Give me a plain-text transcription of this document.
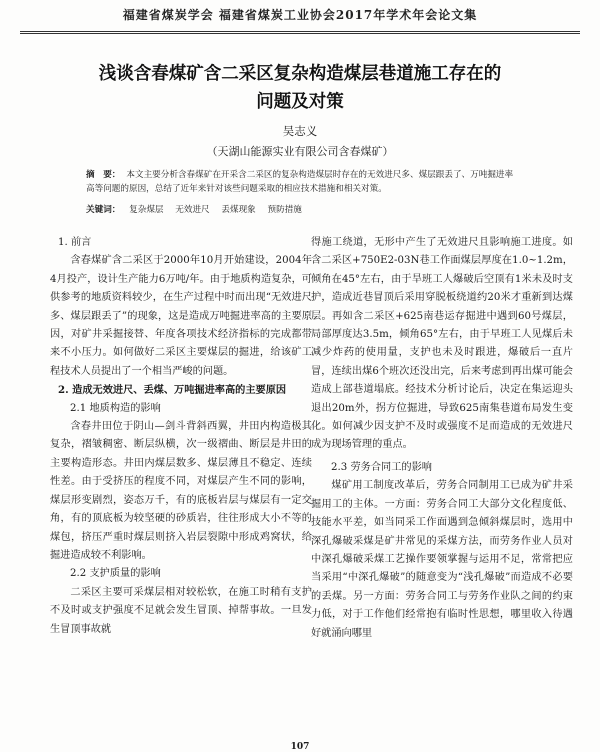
福建省煤炭学会 福建省煤炭工业协会2017年学术年会论文集
浅谈含春煤矿含二采区复杂构造煤层巷道施工存在的
问题及对策
吴志义
（天湖山能源实业有限公司含春煤矿）
摘　要： 本文主要分析含春煤矿在开采含二采区的复杂构造煤层时存在的无效进尺多、煤层跟丢了、万吨掘进率高等问题的原因，总结了近年来针对该些问题采取的相应技术措施和相关对策。
关键词： 复杂煤层 无效进尺 丢煤现象 预防措施
1. 前言

含春煤矿含二采区于2000年10月开始建设，2004年4月投产，设计生产能力6万吨/年。由于地质构造复杂，可供参考的地质资料较少，在生产过程中时而出现“无效进尺多、煤层跟丢了”的现象，这是造成万吨掘进率高的主要原因，对矿井采掘接替、年度各项技术经济指标的完成都带来不小压力。如何做好二采区主要煤层的掘进，给该矿工程技术人员提出了一个相当严峻的问题。

2. 造成无效进尺、丢煤、万吨掘进率高的主要原因
2.1 地质构造的影响

含春井田位于阴山—剑斗背斜西翼，井田内构造极其复杂，褶皱稠密、断层纵横，次一级褶曲、断层是井田的主要构造形态。井田内煤层数多、煤层薄且不稳定、连续性差。由于受挤压的程度不同，对煤层产生不同的影响，煤层形变剧烈，姿态万千，有的底板岩层与煤层有一定交角，有的顶底板为较坚硬的砂质岩，往往形成大小不等的煤包，挤压严重时煤层则挤入岩层裂隙中形成鸡窝状，给掘进造成较不利影响。

2.2 支护质量的影响

二采区主要可采煤层相对较松软，在施工时稍有支护不及时或支护强度不足就会发生冒顶、掉帮事故。一旦发生冒顶事故就

得施工绕道，无形中产生了无效进尺且影响施工进度。如含二采区+750E2-03N巷工作面煤层厚度在1.0~1.2m，倾角在45°左右，由于旱班工人爆破后空顶有1米未及时支护，造成近巷冒顶后采用穿脱板绕道约20米才重新到达煤层。再如含二采区+625南巷运存掘进中遇到60号煤层，局部厚度达3.5m，倾角65°左右，由于早班工人见煤后未减少炸药的使用量，支护也未及时跟进，爆破后一直片冒，连续出煤6个班次还没出完，后来考虑到再出煤可能会造成上部巷道塌底。经技术分析讨论后，决定在集运迎头退出20m外，拐方位掘进，导致625南集巷道布局发生变化。如何减少因支护不及时或强度不足而造成的无效进尺成为现场管理的重点。

2.3 劳务合同工的影响

煤矿用工制度改革后，劳务合同制用工已成为矿井采掘用工的主体。一方面：劳务合同工大部分文化程度低、技能水平差，如当同采工作面遇到急倾斜煤层时，选用中深孔爆破采煤是矿井常见的采煤方法，而劳务作业人员对中深孔爆破采煤工艺操作要领掌握与运用不足，常常把应当采用“中深孔爆破”的随意变为“浅孔爆破”而造成不必要的丢煤。另一方面：劳务合同工与劳务作业队之间的约束力低，对于工作他们经常抱有临时性思想，哪里收入待遇好就涌向哪里

107
